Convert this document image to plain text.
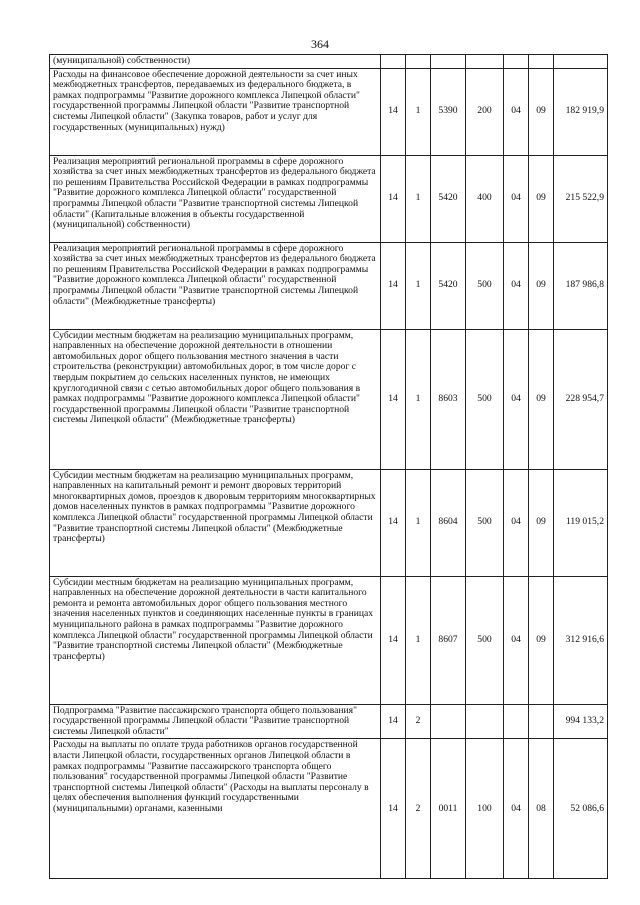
364
(муниципальной) собственности)							
Расходы на финансовое обеспечение дорожной деятельности за счет иных межбюджетных трансфертов, передаваемых из федерального бюджета, в рамках подпрограммы "Развитие дорожного комплекса Липецкой области" государственной программы Липецкой области "Развитие транспортной системы Липецкой области" (Закупка товаров, работ и услуг для государственных (муниципальных) нужд)	14	1	5390	200	04	09	182 919,9
Реализация мероприятий региональной программы в сфере дорожного хозяйства за счет иных межбюджетных трансфертов из федерального бюджета по решениям Правительства Российской Федерации в рамках подпрограммы "Развитие дорожного комплекса Липецкой области" государственной программы Липецкой области "Развитие транспортной системы Липецкой области" (Капитальные вложения в объекты государственной (муниципальной) собственности)	14	1	5420	400	04	09	215 522,9
Реализация мероприятий региональной программы в сфере дорожного хозяйства за счет иных межбюджетных трансфертов из федерального бюджета по решениям Правительства Российской Федерации в рамках подпрограммы "Развитие дорожного комплекса Липецкой области" государственной программы Липецкой области "Развитие транспортной системы Липецкой области" (Межбюджетные трансферты)	14	1	5420	500	04	09	187 986,8
Субсидии местным бюджетам на реализацию муниципальных программ, направленных на обеспечение дорожной деятельности в отношении автомобильных дорог общего пользования местного значения в части строительства (реконструкции) автомобильных дорог, в том числе дорог с твердым покрытием до сельских населенных пунктов, не имеющих круглогодичной связи с сетью автомобильных дорог общего пользования в рамках подпрограммы "Развитие дорожного комплекса Липецкой области" государственной программы Липецкой области "Развитие транспортной системы Липецкой области" (Межбюджетные трансферты)	14	1	8603	500	04	09	228 954,7
Субсидии местным бюджетам на реализацию муниципальных программ, направленных на капитальный ремонт и ремонт дворовых территорий многоквартирных домов, проездов к дворовым территориям многоквартирных домов населенных пунктов в рамках подпрограммы "Развитие дорожного комплекса Липецкой области" государственной программы Липецкой области "Развитие транспортной системы Липецкой области" (Межбюджетные трансферты)	14	1	8604	500	04	09	119 015,2
Субсидии местным бюджетам на реализацию муниципальных программ, направленных на обеспечение дорожной деятельности в части капитального ремонта и ремонта автомобильных дорог общего пользования местного значения населенных пунктов и соединяющих населенные пункты в границах муниципального района в рамках подпрограммы "Развитие дорожного комплекса Липецкой области" государственной программы Липецкой области "Развитие транспортной системы Липецкой области" (Межбюджетные трансферты)	14	1	8607	500	04	09	312 916,6
Подпрограмма "Развитие пассажирского транспорта общего пользования" государственной программы Липецкой области "Развитие транспортной системы Липецкой области"	14	2					994 133,2
Расходы на выплаты по оплате труда работников органов государственной власти Липецкой области, государственных органов Липецкой области в рамках подпрограммы "Развитие пассажирского транспорта общего пользования" государственной программы Липецкой области "Развитие транспортной системы Липецкой области" (Расходы на выплаты персоналу в целях обеспечения выполнения функций государственными (муниципальными) органами, казенными	14	2	0011	100	04	08	52 086,6
